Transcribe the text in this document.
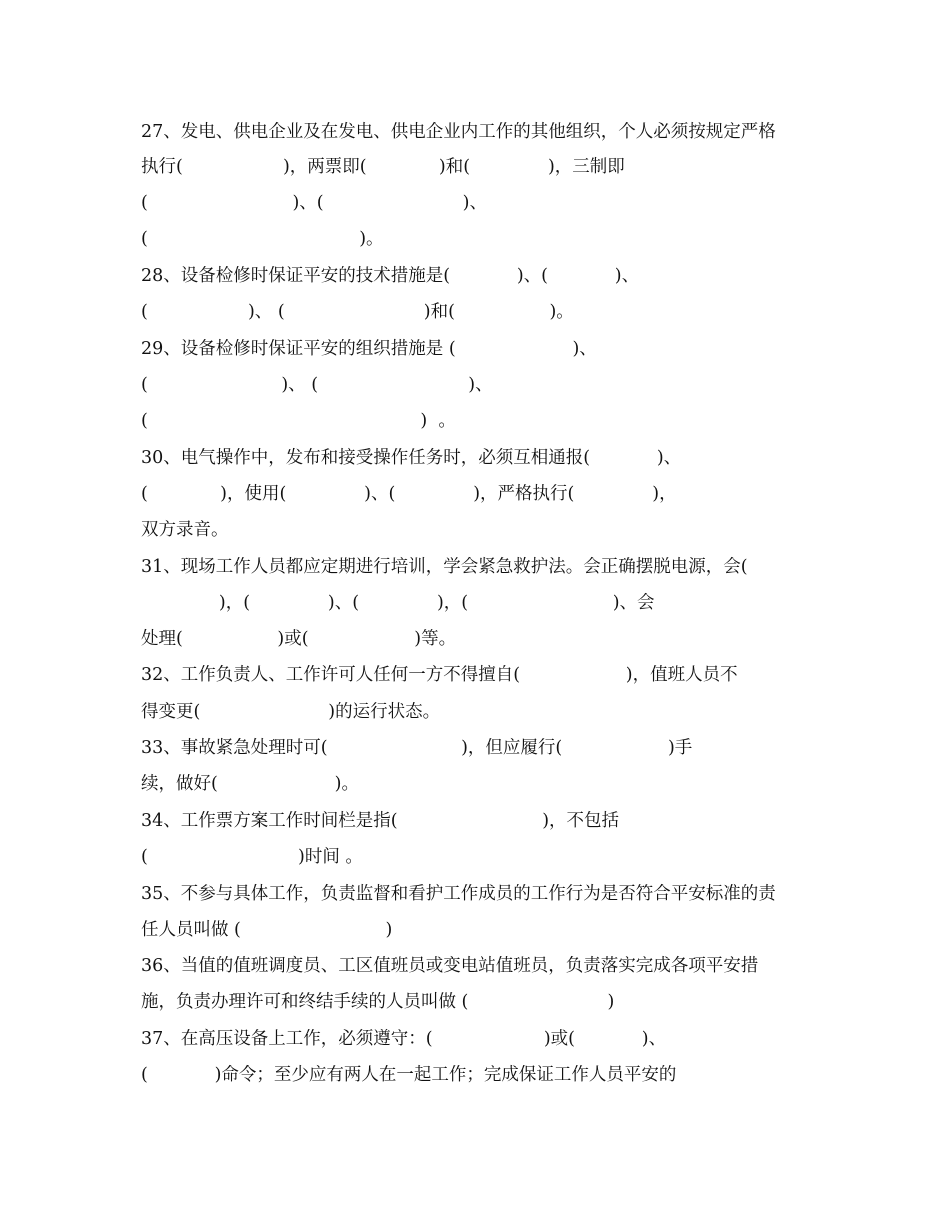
27、发电、供电企业及在发电、供电企业内工作的其他组织，个人必须按规定严格
执行(                  )，两票即(             )和(              )，三制即
(                          )、(                         )、
(                                      )。
28、设备检修时保证平安的技术措施是(            )、(            )、
(                  )、 (                         )和(                 )。
29、设备检修时保证平安的组织措施是 (                     )、
(                        )、 (                           )、
(                                                 )  。
30、电气操作中，发布和接受操作任务时，必须互相通报(            )、
(             )，使用(              )、(              )，严格执行(              )，
双方录音。
31、现场工作人员都应定期进行培训，学会紧急救护法。会正确摆脱电源，会(
)，(              )、(              )，(                          )、会
处理(                 )或(                   )等。
32、工作负责人、工作许可人任何一方不得擅自(                   )，值班人员不
得变更(                       )的运行状态。
33、事故紧急处理时可(                        )，但应履行(                   )手
续，做好(                     )。
34、工作票方案工作时间栏是指(                          )，不包括
(                           )时间 。
35、不参与具体工作，负责监督和看护工作成员的工作行为是否符合平安标准的责
任人员叫做 (                          )
36、当值的值班调度员、工区值班员或变电站值班员，负责落实完成各项平安措
施，负责办理许可和终结手续的人员叫做 (                         )
37、在高压设备上工作，必须遵守：(                    )或(            )、
(            )命令；至少应有两人在一起工作；完成保证工作人员平安的
